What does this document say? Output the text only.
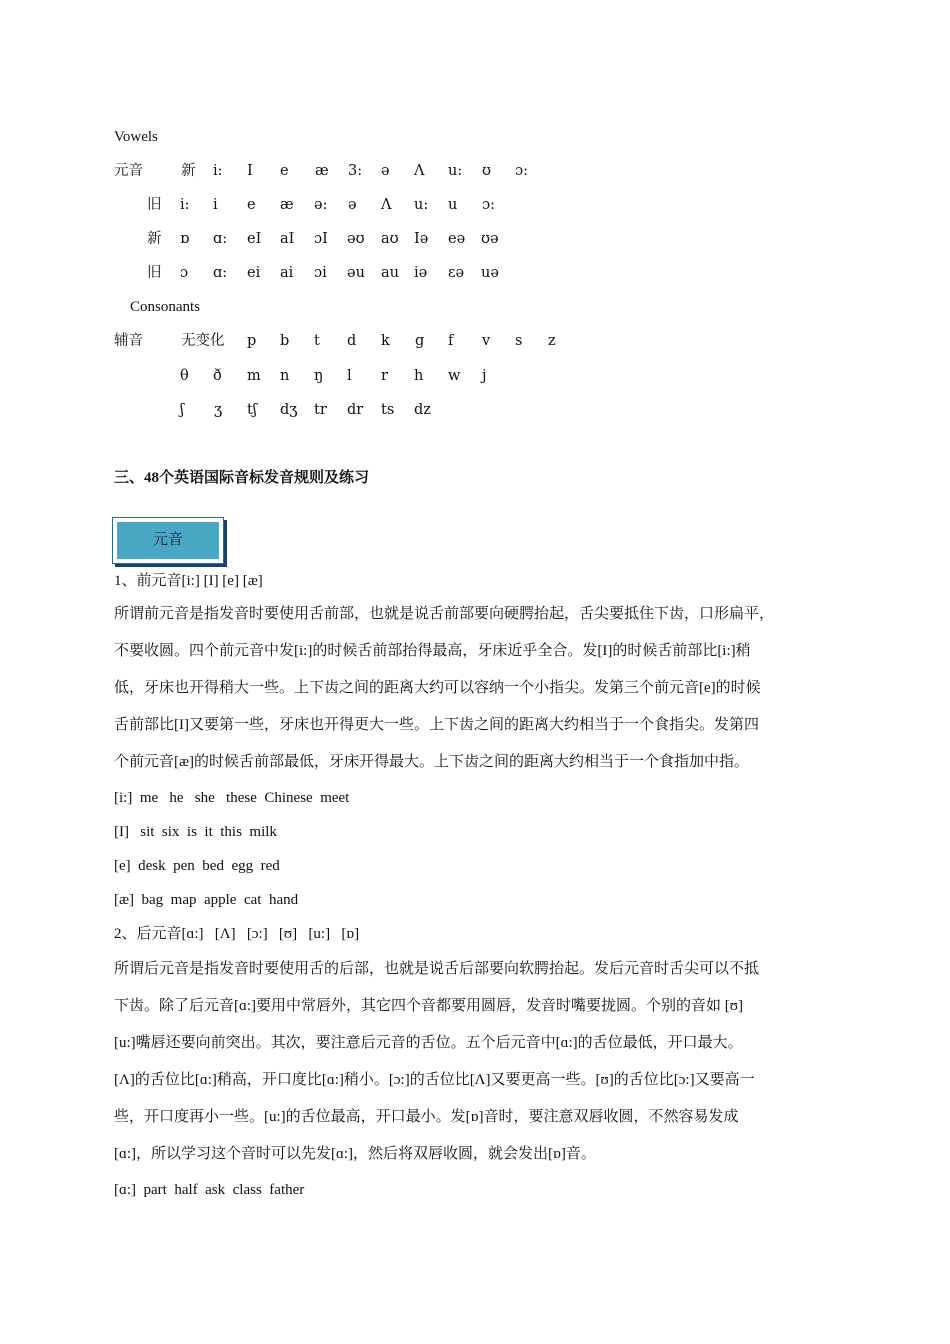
Vowels
元音	新 i: I e æ 3: ə Λ u: ʊ ɔ:
旧 i: i e æ ə: ə Λ u: u ɔ:
新 ɒ ɑ: eI aI ɔI əʊ aʊ Iə eə ʊə
旧 ɔ ɑ: ei ai ɔi əu au iə ɛə uə
Consonants
辅音	无变化 p b t d k g f v s z
θ ð m n ŋ l r h w j
ʃ ʒ tʃ dʒ tr dr ts dz
三、48个英语国际音标发音规则及练习
元音
1、前元音[i:] [I] [e] [æ]
所谓前元音是指发音时要使用舌前部，也就是说舌前部要向硬腭抬起，舌尖要抵住下齿，口形扁平，
不要收圆。四个前元音中发[i:]的时候舌前部抬得最高，牙床近乎全合。发[I]的时候舌前部比[i:]稍
低，牙床也开得稍大一些。上下齿之间的距离大约可以容纳一个小指尖。发第三个前元音[e]的时候
舌前部比[I]又要第一些，牙床也开得更大一些。上下齿之间的距离大约相当于一个食指尖。发第四
个前元音[æ]的时候舌前部最低，牙床开得最大。上下齿之间的距离大约相当于一个食指加中指。
[i:]  me   he   she   these  Chinese  meet
[I]   sit  six  is  it  this  milk
[e]  desk  pen  bed  egg  red
[æ]  bag  map  apple  cat  hand
2、后元音[ɑ:]   [Λ]   [ɔ:]   [ʊ]   [u:]   [ɒ]
所谓后元音是指发音时要使用舌的后部，也就是说舌后部要向软腭抬起。发后元音时舌尖可以不抵
下齿。除了后元音[ɑ:]要用中常唇外，其它四个音都要用圆唇，发音时嘴要拢圆。个别的音如 [ʊ]
[u:]嘴唇还要向前突出。其次，要注意后元音的舌位。五个后元音中[ɑ:]的舌位最低，开口最大。
[Λ]的舌位比[ɑ:]稍高，开口度比[ɑ:]稍小。[ɔ:]的舌位比[Λ]又要更高一些。[ʊ]的舌位比[ɔ:]又要高一
些，开口度再小一些。[u:]的舌位最高，开口最小。发[ɒ]音时，要注意双唇收圆，不然容易发成
[ɑ:]，所以学习这个音时可以先发[ɑ:]，然后将双唇收圆，就会发出[ɒ]音。
[ɑ:]  part  half  ask  class  father
